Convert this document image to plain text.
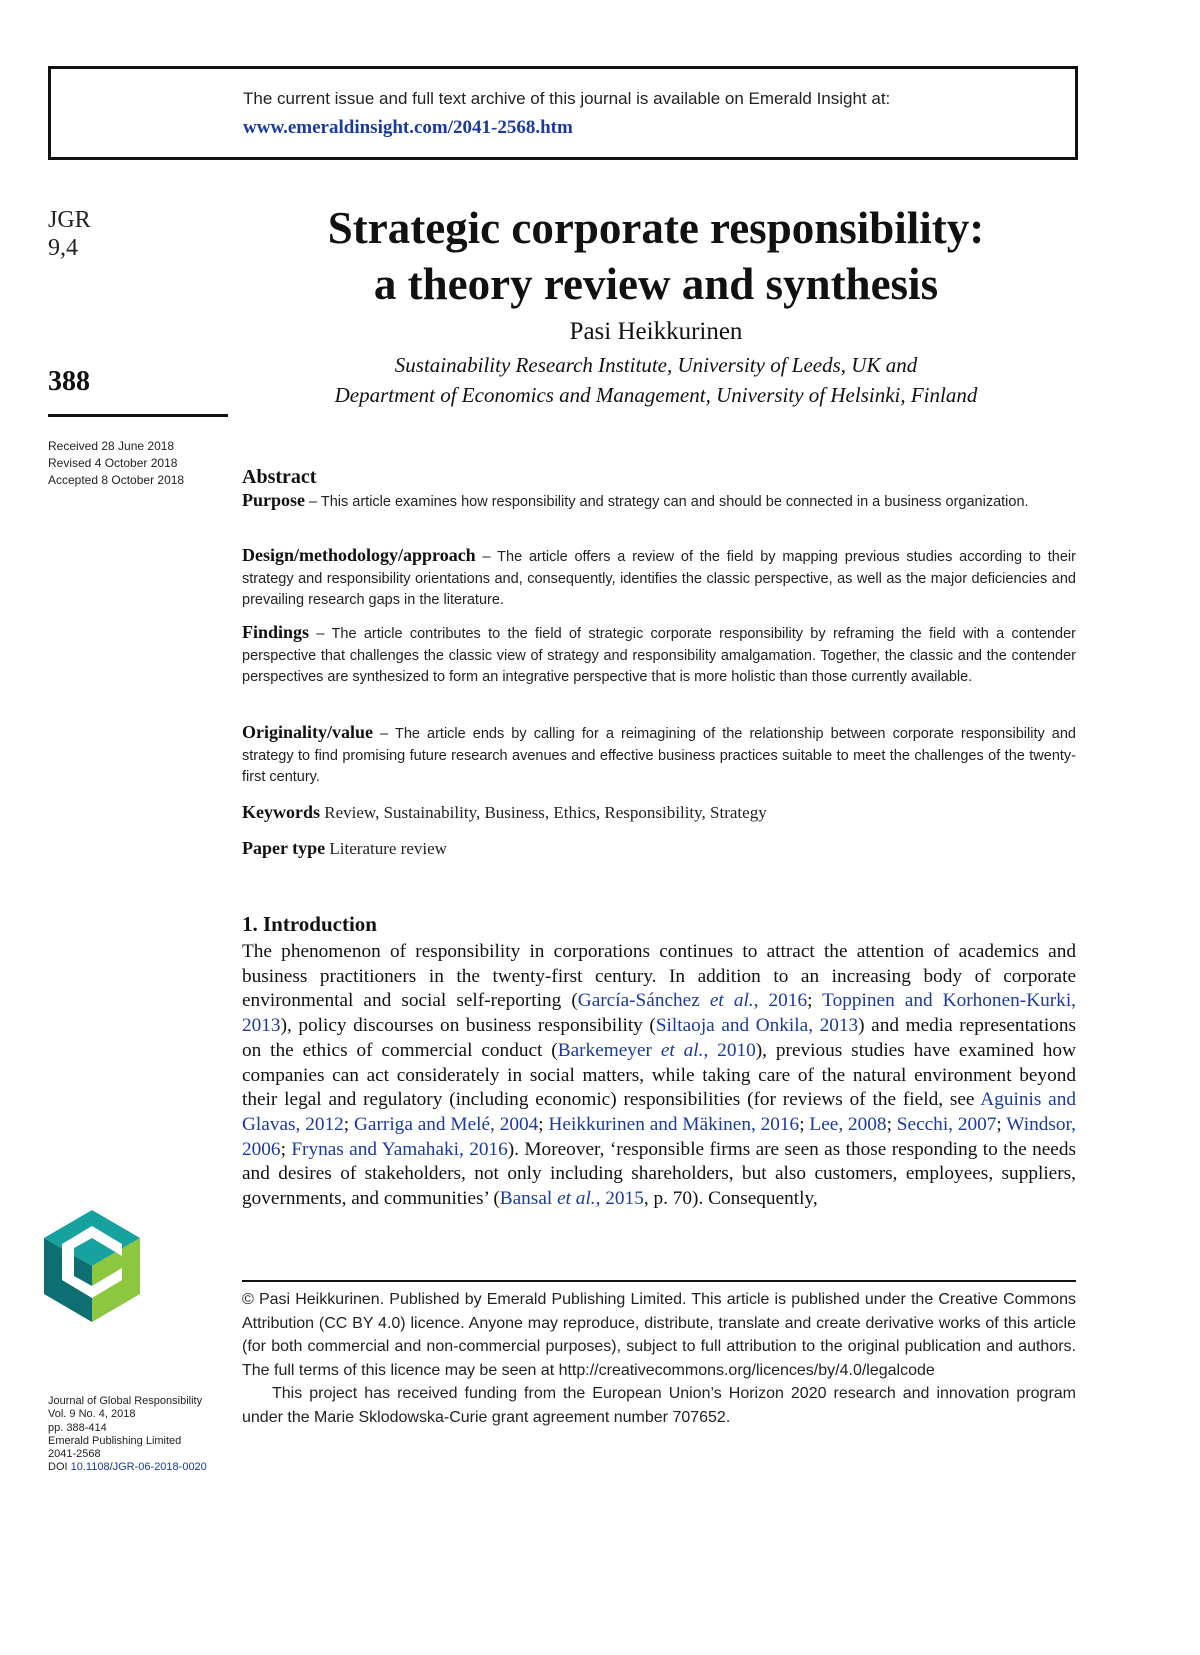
The current issue and full text archive of this journal is available on Emerald Insight at:
www.emeraldinsight.com/2041-2568.htm
JGR
9,4
388
Received 28 June 2018
Revised 4 October 2018
Accepted 8 October 2018
Strategic corporate responsibility:
a theory review and synthesis
Pasi Heikkurinen
Sustainability Research Institute, University of Leeds, UK and
Department of Economics and Management, University of Helsinki, Finland
Abstract
Purpose – This article examines how responsibility and strategy can and should be connected in a business organization.
Design/methodology/approach – The article offers a review of the field by mapping previous studies according to their strategy and responsibility orientations and, consequently, identifies the classic perspective, as well as the major deficiencies and prevailing research gaps in the literature.
Findings – The article contributes to the field of strategic corporate responsibility by reframing the field with a contender perspective that challenges the classic view of strategy and responsibility amalgamation. Together, the classic and the contender perspectives are synthesized to form an integrative perspective that is more holistic than those currently available.
Originality/value – The article ends by calling for a reimagining of the relationship between corporate responsibility and strategy to find promising future research avenues and effective business practices suitable to meet the challenges of the twenty-first century.
Keywords Review, Sustainability, Business, Ethics, Responsibility, Strategy
Paper type Literature review
1. Introduction
The phenomenon of responsibility in corporations continues to attract the attention of academics and business practitioners in the twenty-first century. In addition to an increasing body of corporate environmental and social self-reporting (García-Sánchez et al., 2016; Toppinen and Korhonen-Kurki, 2013), policy discourses on business responsibility (Siltaoja and Onkila, 2013) and media representations on the ethics of commercial conduct (Barkemeyer et al., 2010), previous studies have examined how companies can act considerately in social matters, while taking care of the natural environment beyond their legal and regulatory (including economic) responsibilities (for reviews of the field, see Aguinis and Glavas, 2012; Garriga and Melé, 2004; Heikkurinen and Mäkinen, 2016; Lee, 2008; Secchi, 2007; Windsor, 2006; Frynas and Yamahaki, 2016). Moreover, ‘responsible firms are seen as those responding to the needs and desires of stakeholders, not only including shareholders, but also customers, employees, suppliers, governments, and communities’ (Bansal et al., 2015, p. 70). Consequently,

© Pasi Heikkurinen. Published by Emerald Publishing Limited. This article is published under the Creative Commons Attribution (CC BY 4.0) licence. Anyone may reproduce, distribute, translate and create derivative works of this article (for both commercial and non-commercial purposes), subject to full attribution to the original publication and authors. The full terms of this licence may be seen at http://creativecommons.org/licences/by/4.0/legalcode

This project has received funding from the European Union’s Horizon 2020 research and innovation program under the Marie Sklodowska-Curie grant agreement number 707652.

Journal of Global Responsibility
Vol. 9 No. 4, 2018
pp. 388-414
Emerald Publishing Limited
2041-2568
DOI 10.1108/JGR-06-2018-0020
